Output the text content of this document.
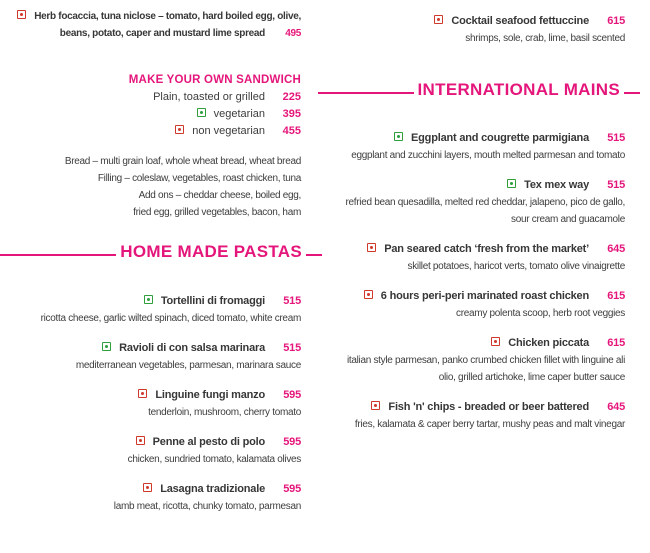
Herb focaccia, tuna niclose – tomato, hard boiled egg, olive, beans, potato, caper and mustard lime spread 495
MAKE YOUR OWN SANDWICH
Plain, toasted or grilled 225
vegetarian 395
non vegetarian 455
Bread – multi grain loaf, whole wheat bread, wheat bread
Filling – coleslaw, vegetables, roast chicken, tuna
Add ons – cheddar cheese, boiled egg,
fried egg, grilled vegetables, bacon, ham
HOME MADE PASTAS
Tortellini di fromaggi 515
ricotta cheese, garlic wilted spinach, diced tomato, white cream
Ravioli di con salsa marinara 515
mediterranean vegetables, parmesan, marinara sauce
Linguine fungi manzo 595
tenderloin, mushroom, cherry tomato
Penne al pesto di polo 595
chicken, sundried tomato, kalamata olives
Lasagna tradizionale 595
lamb meat, ricotta, chunky tomato, parmesan
Cocktail seafood fettuccine 615
shrimps, sole, crab, lime, basil scented
INTERNATIONAL MAINS
Eggplant and cougrette parmigiana 515
eggplant and zucchini layers, mouth melted parmesan and tomato
Tex mex way 515
refried bean quesadilla, melted red cheddar, jalapeno, pico de gallo, sour cream and guacamole
Pan seared catch ‘fresh from the market’ 645
skillet potatoes, haricot verts, tomato olive vinaigrette
6 hours peri-peri marinated roast chicken 615
creamy polenta scoop, herb root veggies
Chicken piccata 615
italian style parmesan, panko crumbed chicken fillet with linguine ali olio, grilled artichoke, lime caper butter sauce
Fish 'n' chips - breaded or beer battered 645
fries, kalamata & caper berry tartar, mushy peas and malt vinegar
